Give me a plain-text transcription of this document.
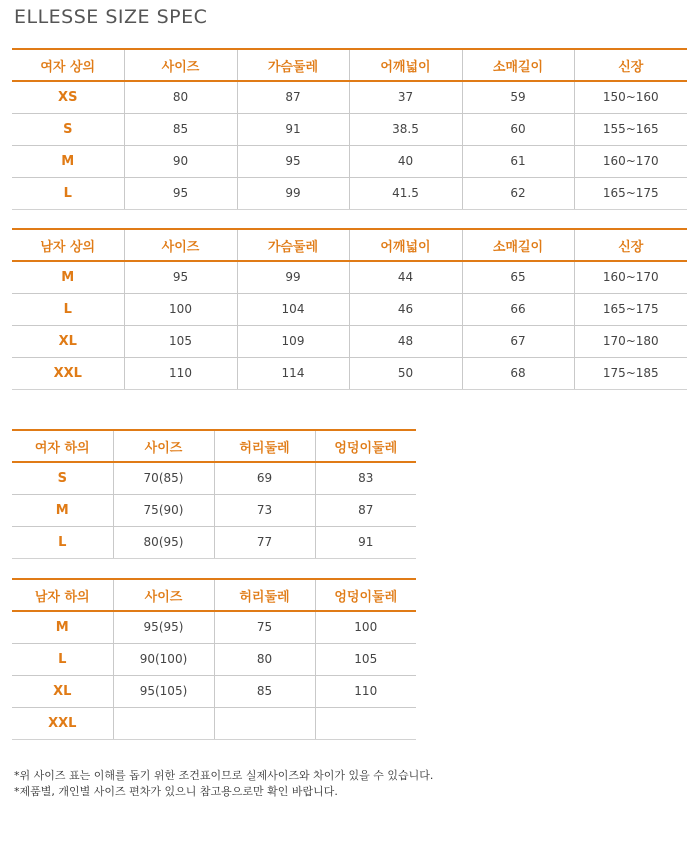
ELLESSE SIZE SPEC
여자 상의	사이즈	가슴둘레	어깨넓이	소매길이	신장
XS	80	87	37	59	150~160
S	85	91	38.5	60	155~165
M	90	95	40	61	160~170
L	95	99	41.5	62	165~175
남자 상의	사이즈	가슴둘레	어깨넓이	소매길이	신장
M	95	99	44	65	160~170
L	100	104	46	66	165~175
XL	105	109	48	67	170~180
XXL	110	114	50	68	175~185
여자 하의	사이즈	허리둘레	엉덩이둘레
S	70(85)	69	83
M	75(90)	73	87
L	80(95)	77	91
남자 하의	사이즈	허리둘레	엉덩이둘레
M	95(95)	75	100
L	90(100)	80	105
XL	95(105)	85	110
XXL			

*위 사이즈 표는 이해를 돕기 위한 조건표이므로 실제사이즈와 차이가 있을 수 있습니다.

*제품별, 개인별 사이즈 편차가 있으니 참고용으로만 확인 바랍니다.
